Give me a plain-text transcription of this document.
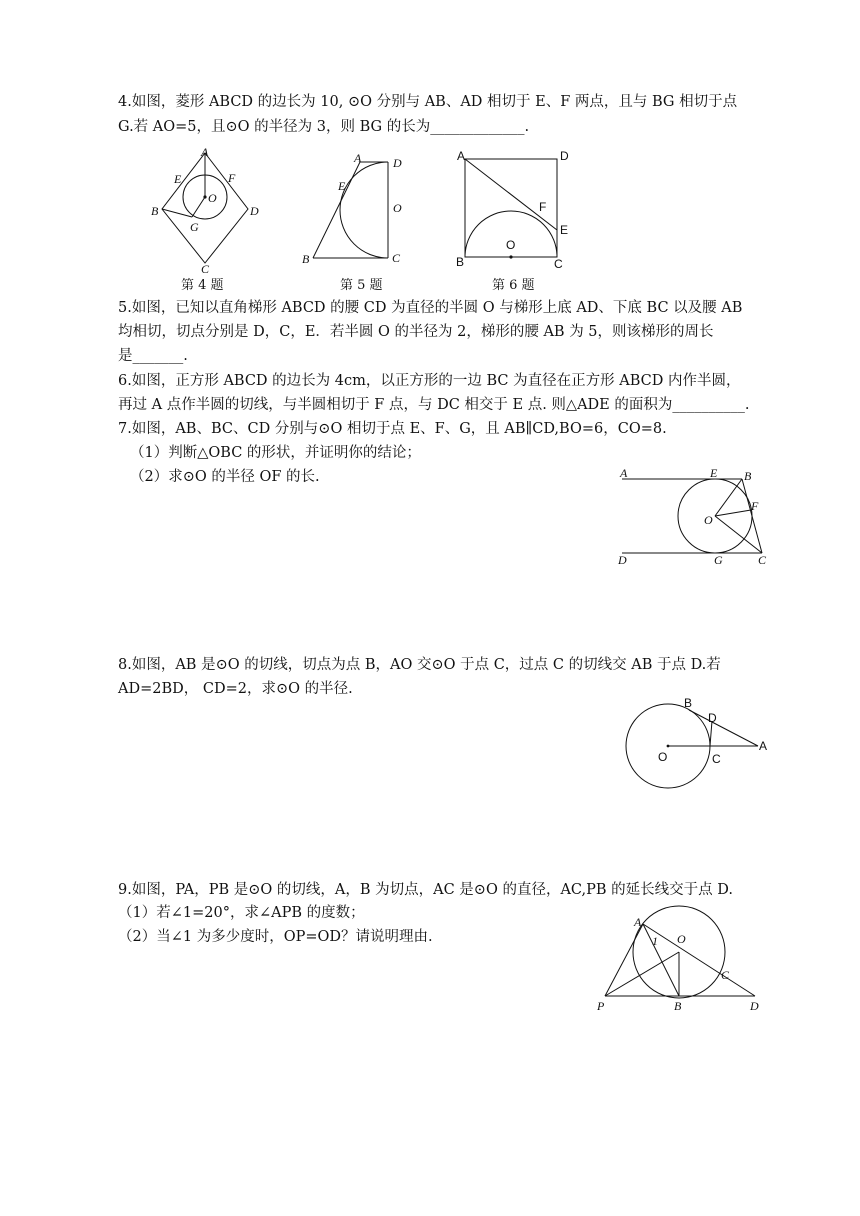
4.如图，菱形 ABCD 的边长为 10, ⊙O 分别与 AB、AD 相切于 E、F 两点，且与 BG 相切于点
G.若 AO=5，且⊙O 的半径为 3，则 BG 的长为_____________.
A
E	F
O
B
G
D
C
第 4 题
A	D
E
O
B	C
第 5 题
A	D
F
E
O
B	C
第 6 题
5.如图，已知以直角梯形 ABCD 的腰 CD 为直径的半圆 O 与梯形上底 AD、下底 BC 以及腰 AB
均相切，切点分别是 D，C，E．若半圆 O 的半径为 2，梯形的腰 AB 为 5，则该梯形的周长
是_______.
6.如图，正方形 ABCD 的边长为 4cm，以正方形的一边 BC 为直径在正方形 ABCD 内作半圆，
再过 A 点作半圆的切线，与半圆相切于 F 点，与 DC 相交于 E 点. 则△ADE 的面积为__________.
7.如图，AB、BC、CD 分别与⊙O 相切于点 E、F、G，且 AB∥CD,BO=6，CO=8.
（1）判断△OBC 的形状，并证明你的结论；
（2）求⊙O 的半径 OF 的长.	A	E B
F
O
D	G	C
8.如图，AB 是⊙O 的切线，切点为点 B，AO 交⊙O 于点 C，过点 C 的切线交 AB 于点 D.若
AD=2BD， CD=2，求⊙O 的半径.
B
D
A
O	C
9.如图，PA，PB 是⊙O 的切线，A，B 为切点，AC 是⊙O 的直径，AC,PB 的延长线交于点 D.
（1）若∠1=20°，求∠APB 的度数；
（2）当∠1 为多少度时，OP=OD？请说明理由.
A
1 O
C
P	B	D
